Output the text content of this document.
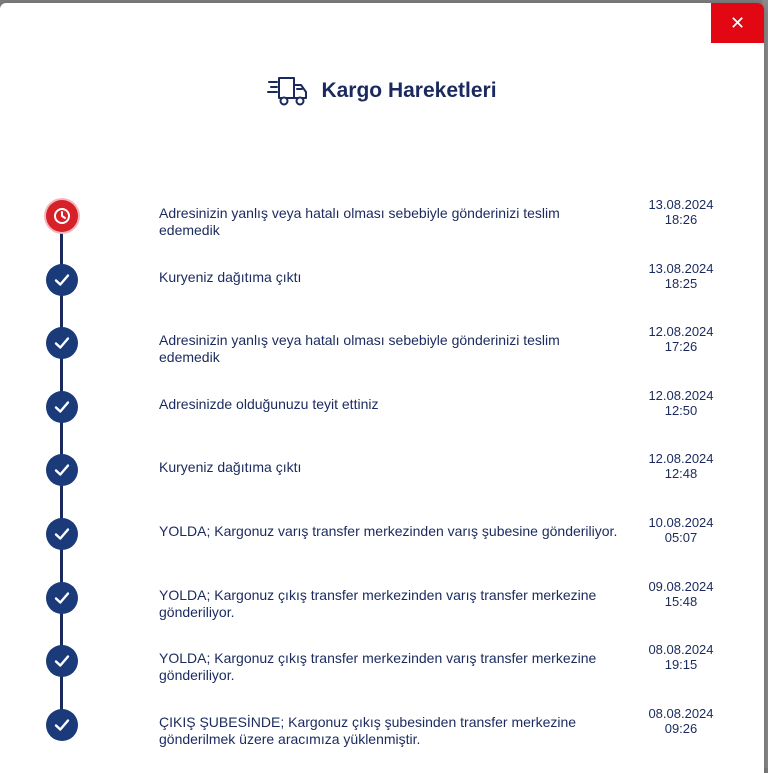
✕
Kargo Hareketleri
Adresinizin yanlış veya hatalı olması sebebiyle gönderinizi teslim edemedik
13.08.2024
18:26
Kuryeniz dağıtıma çıktı
13.08.2024
18:25
Adresinizin yanlış veya hatalı olması sebebiyle gönderinizi teslim edemedik
12.08.2024
17:26
Adresinizde olduğunuzu teyit ettiniz
12.08.2024
12:50
Kuryeniz dağıtıma çıktı
12.08.2024
12:48
YOLDA; Kargonuz varış transfer merkezinden varış şubesine gönderiliyor.
10.08.2024
05:07
YOLDA; Kargonuz çıkış transfer merkezinden varış transfer merkezine gönderiliyor.
09.08.2024
15:48
YOLDA; Kargonuz çıkış transfer merkezinden varış transfer merkezine gönderiliyor.
08.08.2024
19:15
ÇIKIŞ ŞUBESİNDE; Kargonuz çıkış şubesinden transfer merkezine gönderilmek üzere aracımıza yüklenmiştir.
08.08.2024
09:26
